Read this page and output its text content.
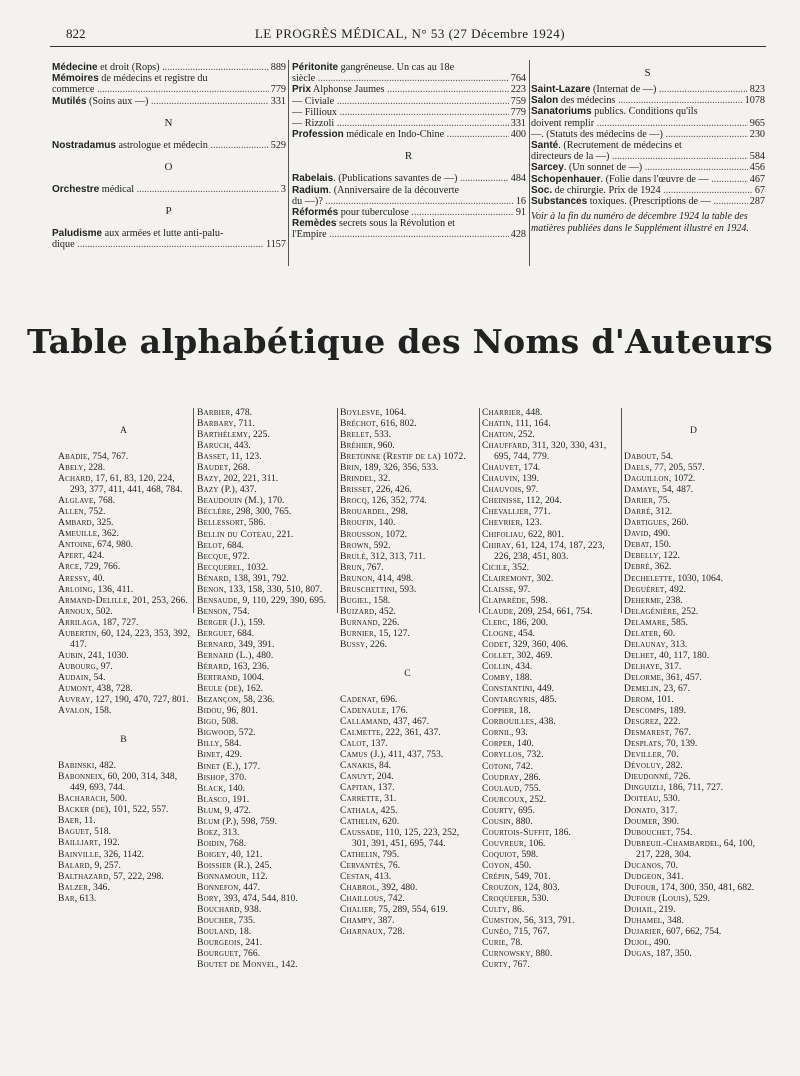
822	LE PROGRÈS MÉDICAL, N° 53 (27 Décembre 1924)
Médecine et droit (Rops) .....	889
Mémoires de médecins et registre du
commerce .....	779
Mutilés (Soins aux —) .....	331
N
Nostradamus astrologue et médecin .....	529
O
Orchestre médical .....	3
P
Paludisme aux armées et lutte anti-palu-
dique .....	1157
Péritonite gangréneuse. Un cas au 18e
siècle .....	764
Prix Alphonse Jaumes .....	223
— Civiale .....	759
— Fillioux .....	779
— Rizzoli .....	331
Profession médicale en Indo-Chine .....	400
R
Rabelais. (Publications savantes de —) .....	484
Radium. (Anniversaire de la découverte
du —)? .....	16
Réformés pour tuberculose .....	91
Remèdes secrets sous la Révolution et
l'Empire .....	428
S
Saint-Lazare (Internat de —) .....	823
Salon des médecins .....	1078
Sanatoriums publics. Conditions qu'ils
doivent remplir .....	965
—. (Statuts des médecins de —) .....	230
Santé. (Recrutement de médecins et
directeurs de la —) .....	584
Sarcey. (Un sonnet de —) .....	456
Schopenhauer. (Folie dans l'œuvre de — .....	467
Soc. de chirurgie. Prix de 1924 .....	67
Substances toxiques. (Prescriptions de — .....	287
Voir à la fin du numéro de décembre 1924 la table des matières publiées dans le Supplément illustré en 1924.
Table alphabétique des Noms d'Auteurs
A
Abadie, 754, 767.
Abely, 228.
Achard, 17, 61, 83, 120, 224, 293, 377, 411, 441, 468, 784.
Alglave, 768.
Allen, 752.
Ambard, 325.
Ameuille, 362.
Antoine, 674, 980.
Apert, 424.
Arce, 729, 766.
Aressy, 40.
Arloing, 136, 411.
Armand-Delille, 201, 253, 266.
Arnoux, 502.
Arrilaga, 187, 727.
Aubertin, 60, 124, 223, 353, 392, 417.
Aubin, 241, 1030.
Aubourg, 97.
Audain, 54.
Aumont, 438, 728.
Auvray, 127, 190, 470, 727, 801.
Avalon, 158.
B
Babinski, 482.
Babonneix, 60, 200, 314, 348, 449, 693, 744.
Bacharach, 500.
Backer (de), 101, 522, 557.
Baer, 11.
Baguet, 518.
Bailliart, 192.
Bainville, 326, 1142.
Balard, 9, 257.
Balthazard, 57, 222, 298.
Balzer, 346.
Bar, 613.
Barbier, 478.
Barbary, 711.
Barthélemy, 225.
Baruch, 443.
Basset, 11, 123.
Baudet, 268.
Bazy, 202, 221, 311.
Bazy (P.), 437.
Beaudouin (M.), 170.
Béclère, 298, 300, 765.
Bellessort, 586.
Bellin du Coteau, 221.
Belot, 684.
Becque, 972.
Becquerel, 1032.
Bénard, 138, 391, 792.
Benon, 133, 158, 330, 510, 807.
Bensaude, 9, 110, 229, 390, 695.
Benson, 754.
Berger (J.), 159.
Berguet, 684.
Bernard, 349, 391.
Bernard (L.), 480.
Bérard, 163, 236.
Bertrand, 1004.
Beule (de), 162.
Bezançon, 58, 236.
Bidou, 96, 801.
Bigo, 508.
Bigwood, 572.
Billy, 584.
Binet, 429.
Binet (E.), 177.
Bishop, 370.
Black, 140.
Blasco, 191.
Blum, 9, 472.
Blum (P.), 598, 759.
Boez, 313.
Boidin, 768.
Boigey, 40, 121.
Boissier (R.), 245.
Bonnamour, 112.
Bonnefon, 447.
Bory, 393, 474, 544, 810.
Bouchard, 938.
Boucher, 735.
Bouland, 18.
Bourgeois, 241.
Bourguet, 766.
Boutet de Monvel, 142.
Boylesve, 1064.
Bréchot, 616, 802.
Brelet, 533.
Bréhier, 960.
Bretonne (Restif de la) 1072.
Brin, 189, 326, 356, 533.
Brindel, 32.
Brisset, 226, 426.
Brocq, 126, 352, 774.
Brouardel, 298.
Broufin, 140.
Brousson, 1072.
Brown, 592.
Brulé, 312, 313, 711.
Brun, 767.
Brunon, 414, 498.
Bruschettini, 593.
Bugiel, 158.
Buizard, 452.
Burnand, 226.
Burnier, 15, 127.
Bussy, 226.
C
Cadenat, 696.
Cadenaule, 176.
Callamand, 437, 467.
Calmette, 222, 361, 437.
Calot, 137.
Camus (J.), 411, 437, 753.
Canakis, 84.
Canuyt, 204.
Capitan, 137.
Carrette, 31.
Cathala, 425.
Cathelin, 620.
Caussade, 110, 125, 223, 252, 301, 391, 451, 695, 744.
Cathelin, 795.
Cervantès, 76.
Cestan, 413.
Chabrol, 392, 480.
Chaillous, 742.
Chalier, 75, 289, 554, 619.
Champy, 387.
Charnaux, 728.
Charrier, 448.
Chatin, 111, 164.
Chaton, 252.
Chauffard, 311, 320, 330, 431, 695, 744, 779.
Chauvet, 174.
Chauvin, 139.
Chauvois, 97.
Cheinisse, 112, 204.
Chevallier, 771.
Chevrier, 123.
Chifoliau, 622, 801.
Chiray, 61, 124, 174, 187, 223, 226, 238, 451, 803.
Cicile, 352.
Clairemont, 302.
Claisse, 97.
Claparède, 598.
Claude, 209, 254, 661, 754.
Clerc, 186, 200.
Clogne, 454.
Codet, 329, 360, 406.
Collet, 302, 469.
Collin, 434.
Comby, 188.
Constantini, 449.
Contargyris, 485.
Coppier, 18.
Corbouilles, 438.
Cornil, 93.
Corper, 140.
Coryllos, 732.
Cotoni, 742.
Coudray, 286.
Coulaud, 755.
Courcoux, 252.
Courty, 695.
Cousin, 880.
Courtois-Suffit, 186.
Couvreur, 106.
Coquiot, 598.
Coyon, 450.
Crépin, 549, 701.
Crouzon, 124, 803.
Croquefer, 530.
Culty, 86.
Cumston, 56, 313, 791.
Cunéo, 715, 767.
Curie, 78.
Curnowsky, 880.
Curty, 767.
D
Dabout, 54.
Daels, 77, 205, 557.
Daguillon, 1072.
Damaye, 54, 487.
Darier, 75.
Darré, 312.
Dartigues, 260.
David, 490.
Debat, 150.
Debelly, 122.
Debré, 362.
Dechelette, 1030, 1064.
Deguéret, 492.
Deherme, 238.
Delagénière, 252.
Delamare, 585.
Delater, 60.
Delaunay, 313.
Delhet, 40, 117, 180.
Delhaye, 317.
Delorme, 361, 457.
Demelin, 23, 67.
Derom, 101.
Descomps, 189.
Desgrez, 222.
Desmarest, 767.
Desplats, 70, 139.
Deviller, 70.
Dévoluy, 282.
Dieudonné, 726.
Dinguizli, 186, 711, 727.
Doiteau, 530.
Donato, 317.
Doumer, 390.
Dubouchet, 754.
Dubreuil-Chambardel, 64, 100, 217, 228, 304.
Ducanos, 70.
Dudgeon, 341.
Dufour, 174, 300, 350, 481, 682.
Dufour (Louis), 529.
Duhail, 219.
Duhamel, 348.
Dujarier, 607, 662, 754.
Dujol, 490.
Dugas, 187, 350.
